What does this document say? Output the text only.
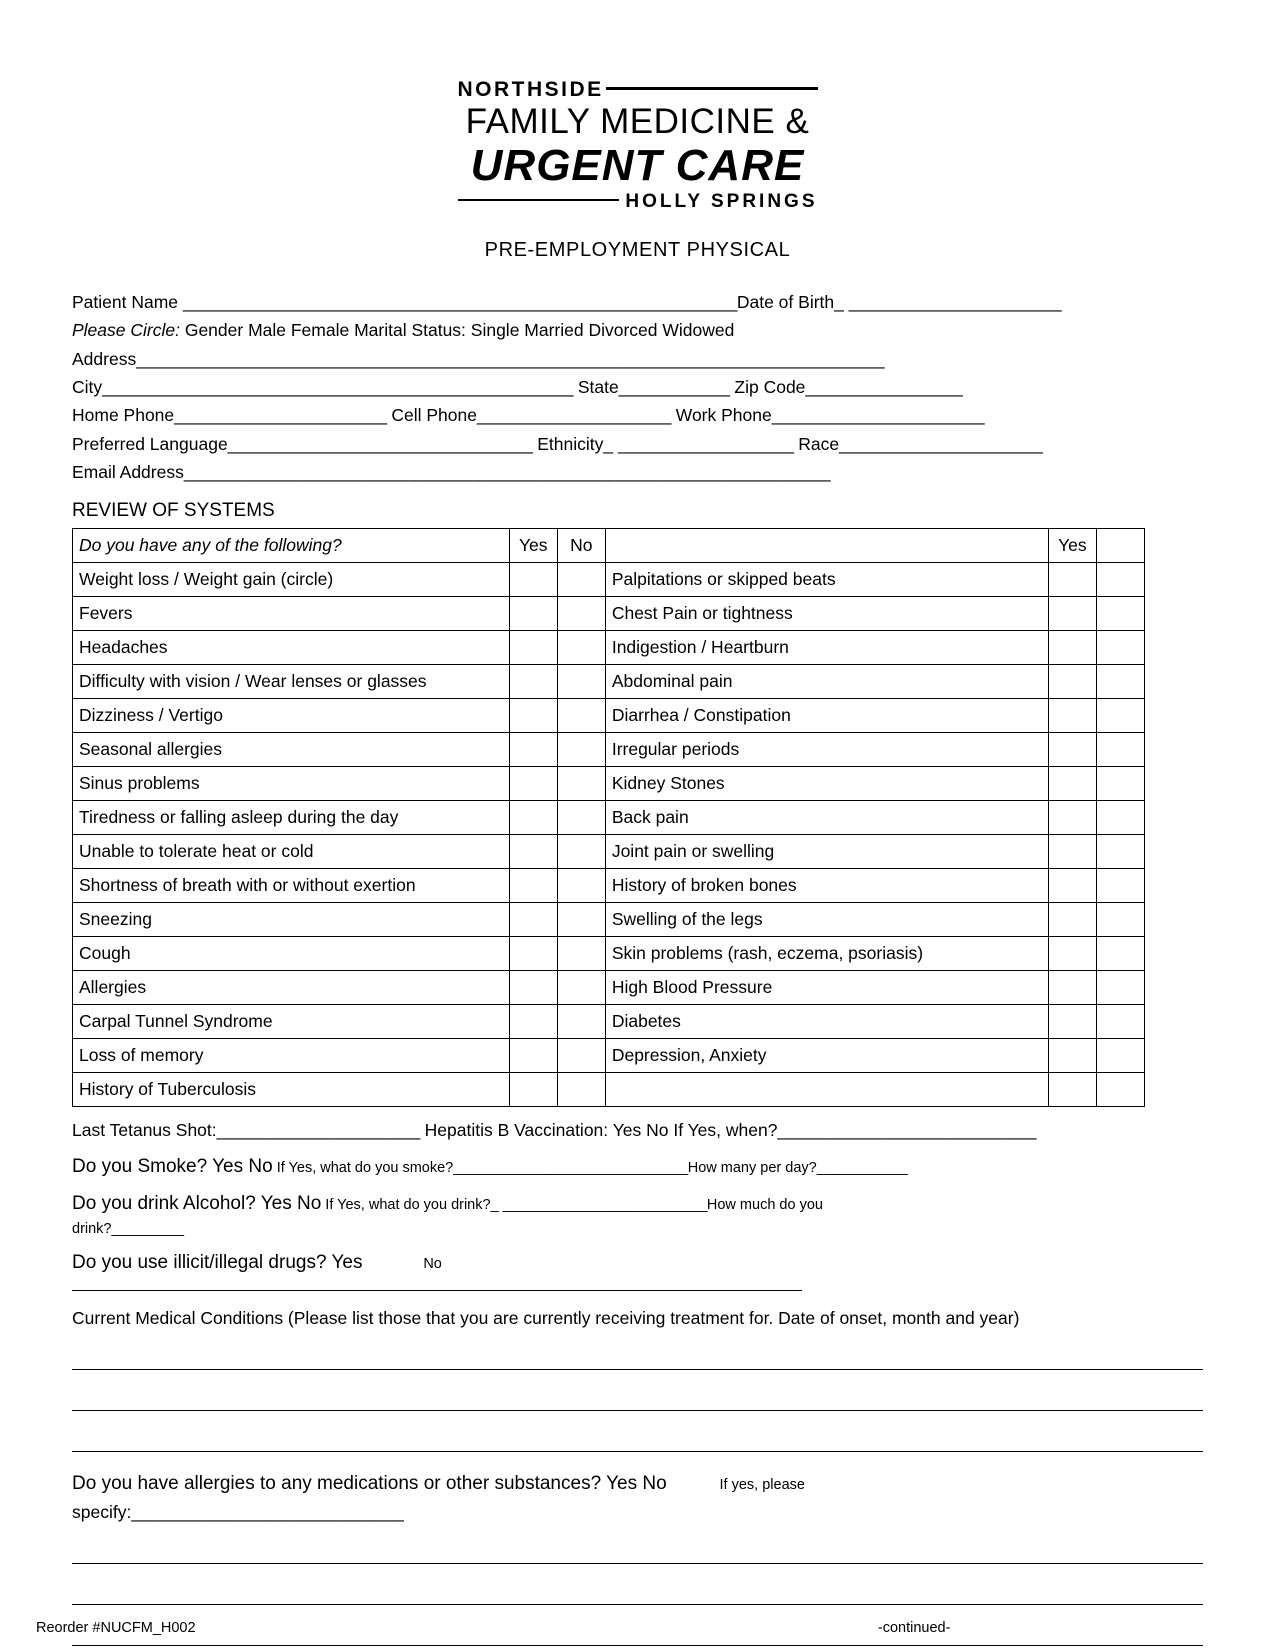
NORTHSIDE
FAMILY MEDICINE &
URGENT CARE
HOLLY SPRINGS
PRE-EMPLOYMENT PHYSICAL
Patient Name ____________________________________________________________Date of Birth_ _______________________
Please Circle: Gender Male Female Marital Status: Single Married Divorced Widowed
Address_________________________________________________________________________________
City___________________________________________________ State____________ Zip Code_________________
Home Phone_______________________ Cell Phone_____________________ Work Phone_______________________
Preferred Language_________________________________ Ethnicity_ ___________________ Race______________________
Email Address______________________________________________________________________
REVIEW OF SYSTEMS
Do you have any of the following?	Yes	No		Yes	
Weight loss / Weight gain (circle)			Palpitations or skipped beats		
Fevers			Chest Pain or tightness		
Headaches			Indigestion / Heartburn		
Difficulty with vision / Wear lenses or glasses			Abdominal pain		
Dizziness / Vertigo			Diarrhea / Constipation		
Seasonal allergies			Irregular periods		
Sinus problems			Kidney Stones		
Tiredness or falling asleep during the day			Back pain		
Unable to tolerate heat or cold			Joint pain or swelling		
Shortness of breath with or without exertion			History of broken bones		
Sneezing			Swelling of the legs		
Cough			Skin problems (rash, eczema, psoriasis)		
Allergies			High Blood Pressure		
Carpal Tunnel Syndrome			Diabetes		
Loss of memory			Depression, Anxiety		
History of Tuberculosis					
Last Tetanus Shot:______________________ Hepatitis B Vaccination: Yes No If Yes, when?____________________________
Do you Smoke? Yes No If Yes, what do you smoke?_______________________________How many per day?____________
Do you drink Alcohol? Yes No If Yes, what do you drink?_ ___________________________How much do you
drink?_________
Do you use illicit/illegal drugs? Yes	No
Current Medical Conditions (Please list those that you are currently receiving treatment for. Date of onset, month and year)
Do you have allergies to any medications or other substances? Yes No	If yes, please
specify:____________________________
Reorder #NUCFM_H002	-continued-
